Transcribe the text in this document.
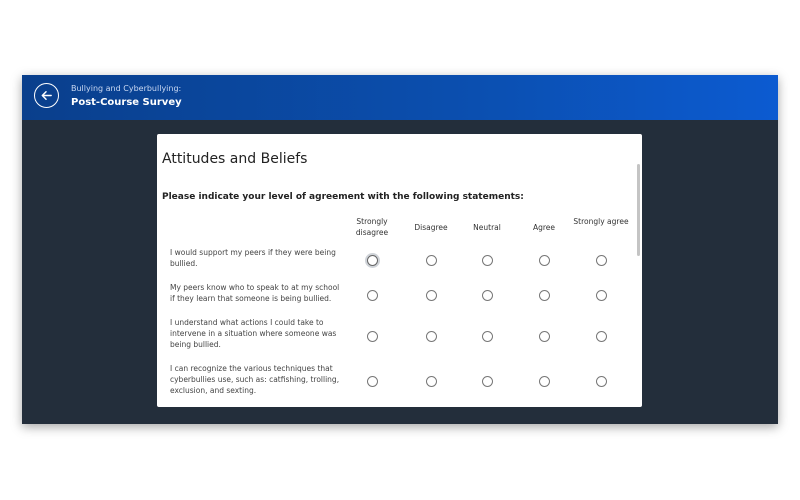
Bullying and Cyberbullying:
Post-Course Survey
Attitudes and Beliefs
Please indicate your level of agreement with the following statements:
Strongly disagree
Disagree	Neutral	Agree
Strongly agree
I would support my peers if they were being bullied.
My peers know who to speak to at my school if they learn that someone is being bullied.
I understand what actions I could take to intervene in a situation where someone was being bullied.
I can recognize the various techniques that cyberbullies use, such as: catfishing, trolling, exclusion, and sexting.
